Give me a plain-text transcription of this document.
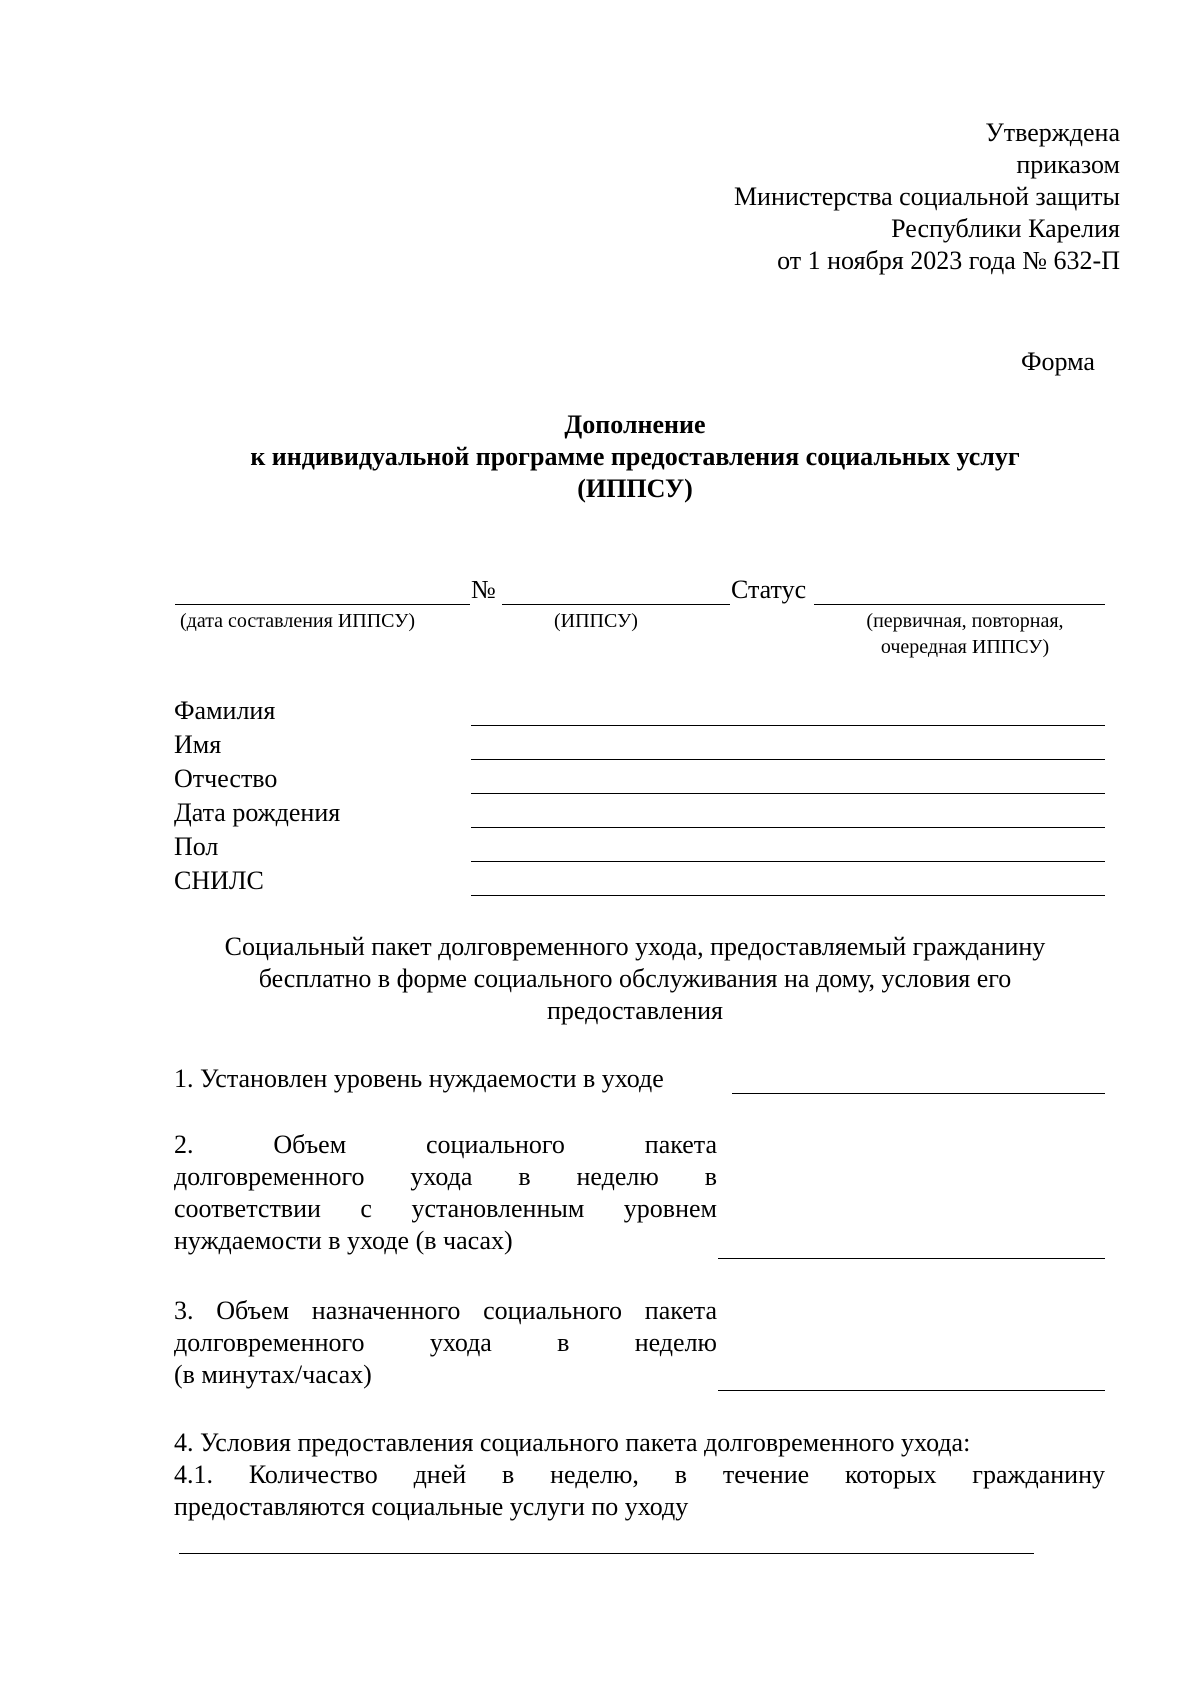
Утверждена
приказом
Министерства социальной защиты
Республики Карелия
от 1 ноября 2023 года № 632-П
Форма
Дополнение
к индивидуальной программе предоставления социальных услуг
(ИППСУ)
№	Статус
(дата составления ИППСУ)	(ИППСУ)	(первичная, повторная,
очередная ИППСУ)
Фамилия
Имя
Отчество
Дата рождения
Пол
СНИЛС
Социальный пакет долговременного ухода, предоставляемый гражданину
бесплатно в форме социального обслуживания на дому, условия его
предоставления
1. Установлен уровень нуждаемости в уходе
2.	Объем	социального	пакета
долговременного ухода в неделю в
соответствии с установленным уровнем
нуждаемости в уходе (в часах)
3. Объем назначенного социального пакета
долговременного	ухода	в	неделю
(в минутах/часах)
4. Условия предоставления социального пакета долговременного ухода:
4.1. Количество дней в неделю, в течение которых гражданину
предоставляются социальные услуги по уходу
